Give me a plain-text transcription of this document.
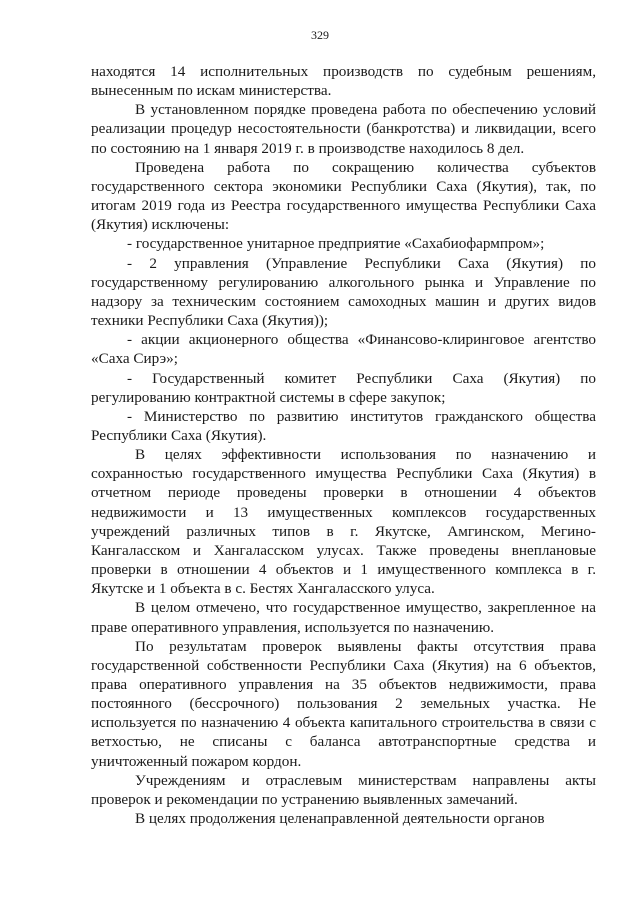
329

находятся 14 исполнительных производств по судебным решениям, вынесенным по искам министерства.

В установленном порядке проведена работа по обеспечению условий реализации процедур несостоятельности (банкротства) и ликвидации, всего по состоянию на 1 января 2019 г. в производстве находилось 8 дел.

Проведена работа по сокращению количества субъектов государственного сектора экономики Республики Саха (Якутия), так, по итогам 2019 года из Реестра государственного имущества Республики Саха (Якутия) исключены:

- государственное унитарное предприятие «Сахабиофармпром»;

- 2 управления (Управление Республики Саха (Якутия) по государственному регулированию алкогольного рынка и Управление по надзору за техническим состоянием самоходных машин и других видов техники Республики Саха (Якутия));

- акции акционерного общества «Финансово-клиринговое агентство «Саха Сирэ»;

- Государственный комитет Республики Саха (Якутия) по регулированию контрактной системы в сфере закупок;

- Министерство по развитию институтов гражданского общества Республики Саха (Якутия).

В целях эффективности использования по назначению и сохранностью государственного имущества Республики Саха (Якутия) в отчетном периоде проведены проверки в отношении 4 объектов недвижимости и 13 имущественных комплексов государственных учреждений различных типов в г. Якутске, Амгинском, Мегино-Кангаласском и Хангаласском улусах. Также проведены внеплановые проверки в отношении 4 объектов и 1 имущественного комплекса в г. Якутске и 1 объекта в с. Бестях Хангаласского улуса.

В целом отмечено, что государственное имущество, закрепленное на праве оперативного управления, используется по назначению.

По результатам проверок выявлены факты отсутствия права государственной собственности Республики Саха (Якутия) на 6 объектов, права оперативного управления на 35 объектов недвижимости, права постоянного (бессрочного) пользования 2 земельных участка. Не используется по назначению 4 объекта капитального строительства в связи с ветхостью, не списаны с баланса автотранспортные средства и уничтоженный пожаром кордон.

Учреждениям и отраслевым министерствам направлены акты проверок и рекомендации по устранению выявленных замечаний.

В целях продолжения целенаправленной деятельности органов
